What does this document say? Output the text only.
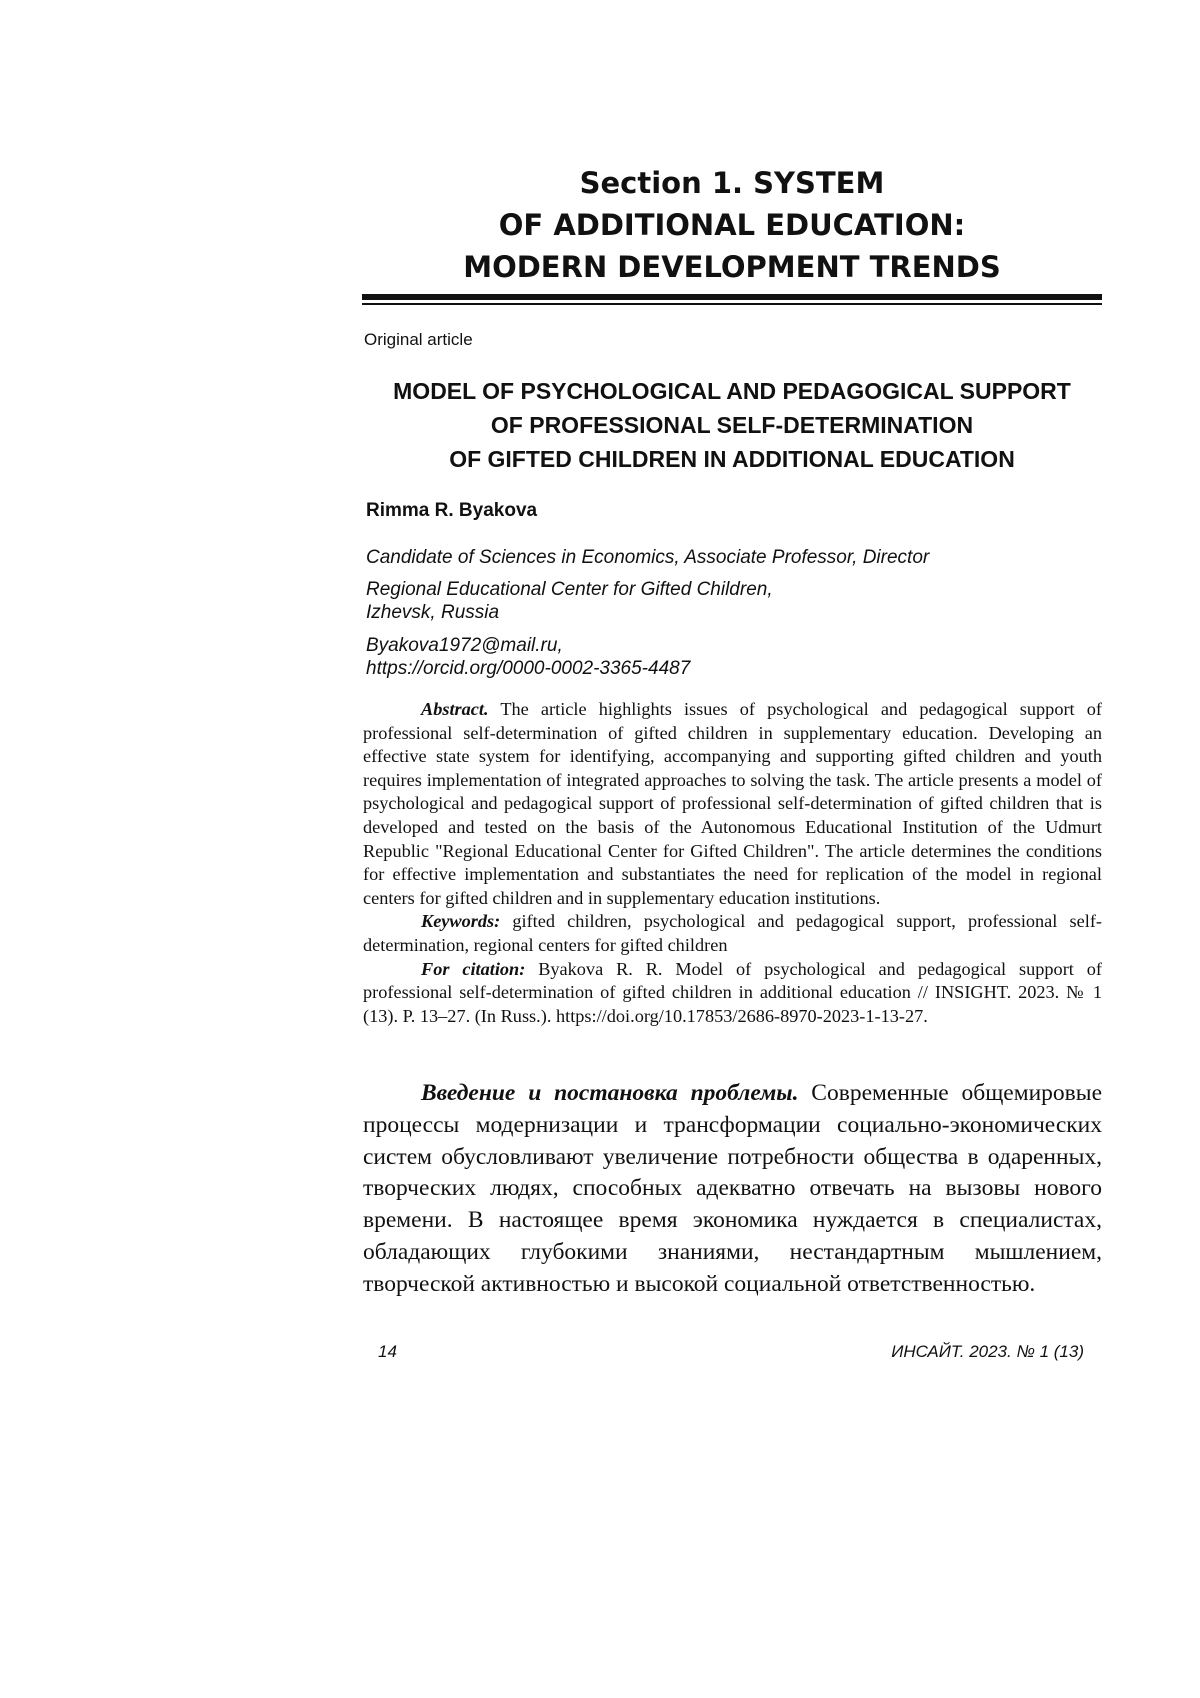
Section 1. SYSTEM
OF ADDITIONAL EDUCATION:
MODERN DEVELOPMENT TRENDS
Original article
MODEL OF PSYCHOLOGICAL AND PEDAGOGICAL SUPPORT
OF PROFESSIONAL SELF-DETERMINATION
OF GIFTED CHILDREN IN ADDITIONAL EDUCATION
Rimma R. Byakova
Candidate of Sciences in Economics, Associate Professor, Director
Regional Educational Center for Gifted Children,
Izhevsk, Russia
Byakova1972@mail.ru,
https://orcid.org/0000-0002-3365-4487

Abstract. The article highlights issues of psychological and pedagogical support of professional self-determination of gifted children in supplementary education. Developing an effective state system for identifying, accompanying and supporting gifted children and youth requires implementation of integrated approaches to solving the task. The article presents a model of psychological and pedagogical support of professional self-determination of gifted children that is developed and tested on the basis of the Autonomous Educational Institution of the Udmurt Republic "Regional Educational Center for Gifted Children". The article determines the conditions for effective implementation and substantiates the need for replication of the model in regional centers for gifted children and in supplementary education institutions.

Keywords: gifted children, psychological and pedagogical support, professional self-determination, regional centers for gifted children

For citation: Byakova R. R. Model of psychological and pedagogical support of professional self-determination of gifted children in additional education // INSIGHT. 2023. № 1 (13). P. 13–27. (In Russ.). https://doi.org/10.17853/2686-8970-2023-1-13-27.

Введение и постановка проблемы. Современные общемировые процессы модернизации и трансформации социально-экономических систем обусловливают увеличение потребности общества в одаренных, творческих людях, способных адекватно отвечать на вызовы нового времени. В настоящее время экономика нуждается в специалистах, обладающих глубокими знаниями, нестандартным мышлением, творческой активностью и высокой социальной ответственностью.

14	ИНСАЙТ. 2023. № 1 (13)
